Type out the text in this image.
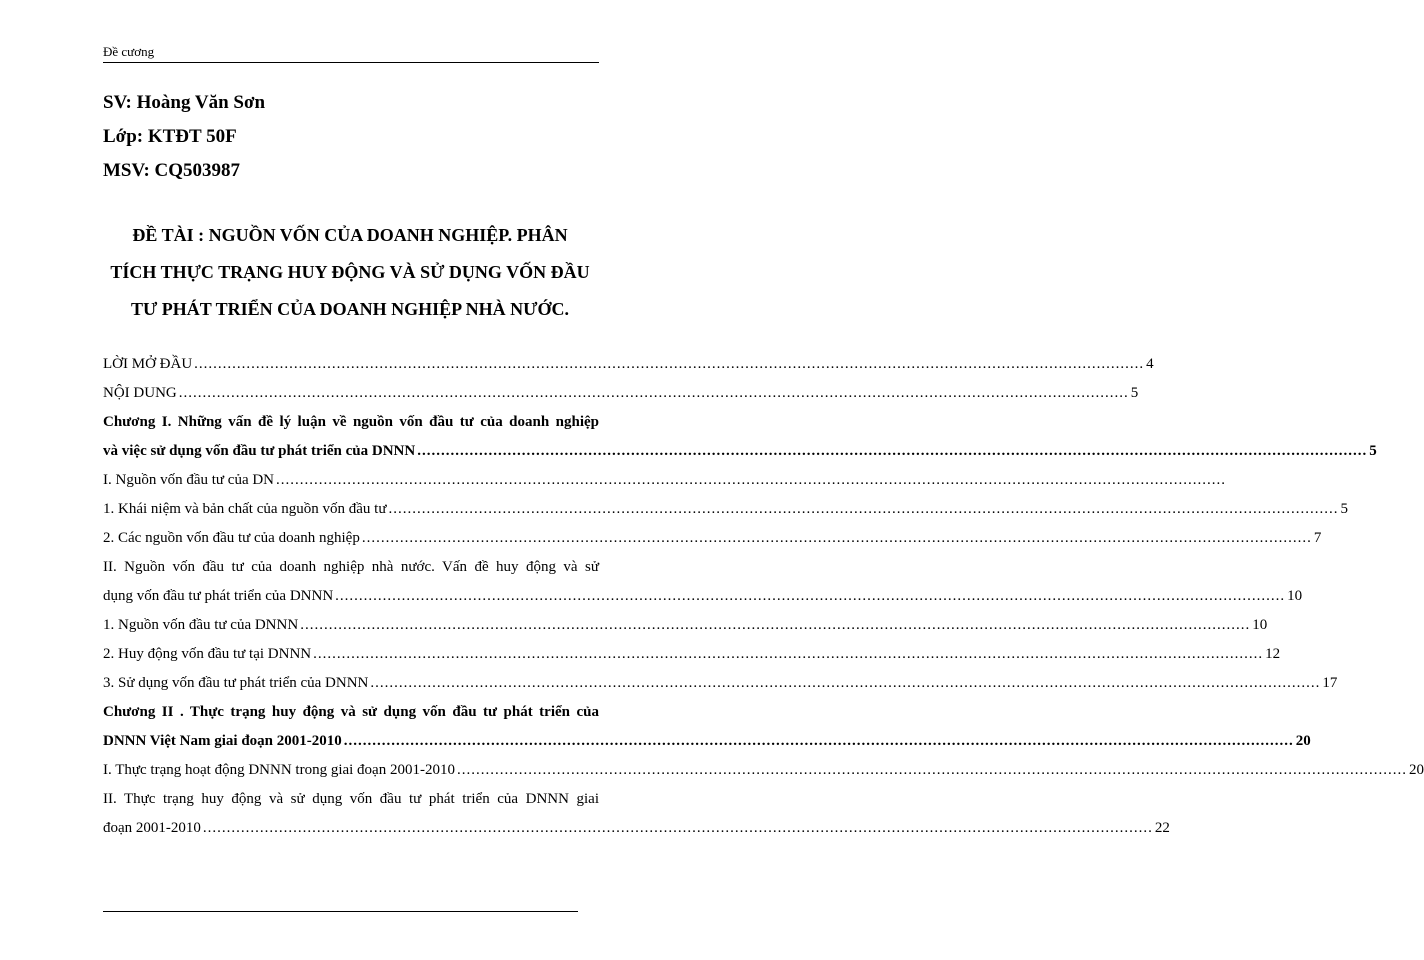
Đề cương
SV: Hoàng Văn Sơn
Lớp: KTĐT 50F
MSV: CQ503987
ĐỀ TÀI : NGUỒN VỐN CỦA DOANH NGHIỆP. PHÂN
TÍCH THỰC TRẠNG HUY ĐỘNG VÀ SỬ DỤNG VỐN ĐẦU
TƯ PHÁT TRIỂN CỦA DOANH NGHIỆP NHÀ NƯỚC.
LỜI MỞ ĐẦU ........................................................................................................................................................................................................ 4
NỘI DUNG ........................................................................................................................................................................................................ 5
Chương I. Những vấn đề lý luận về nguồn vốn đầu tư của doanh nghiệp
và việc sử dụng vốn đầu tư phát triển của DNNN ........................................................................................................................................................................................................ 5
I. Nguồn vốn đầu tư của DN ........................................................................................................................................................................................................
1. Khái niệm và bản chất của nguồn vốn đầu tư ........................................................................................................................................................................................................ 5
2. Các nguồn vốn đầu tư của doanh nghiệp ........................................................................................................................................................................................................ 7
II. Nguồn vốn đầu tư của doanh nghiệp nhà nước. Vấn đề huy động và sử
dụng vốn đầu tư phát triển của DNNN ........................................................................................................................................................................................................ 10
1. Nguồn vốn đầu tư của DNNN ........................................................................................................................................................................................................ 10
2. Huy động vốn đầu tư tại DNNN ........................................................................................................................................................................................................ 12
3. Sử dụng vốn đầu tư phát triển của DNNN ........................................................................................................................................................................................................ 17
Chương II . Thực trạng huy động và sử dụng vốn đầu tư phát triển của
DNNN Việt Nam giai đoạn 2001-2010 ........................................................................................................................................................................................................ 20
I. Thực trạng hoạt động DNNN trong giai đoạn 2001-2010 ........................................................................................................................................................................................................ 20
II. Thực trạng huy động và sử dụng vốn đầu tư phát triển của DNNN giai
đoạn 2001-2010 ........................................................................................................................................................................................................ 22
